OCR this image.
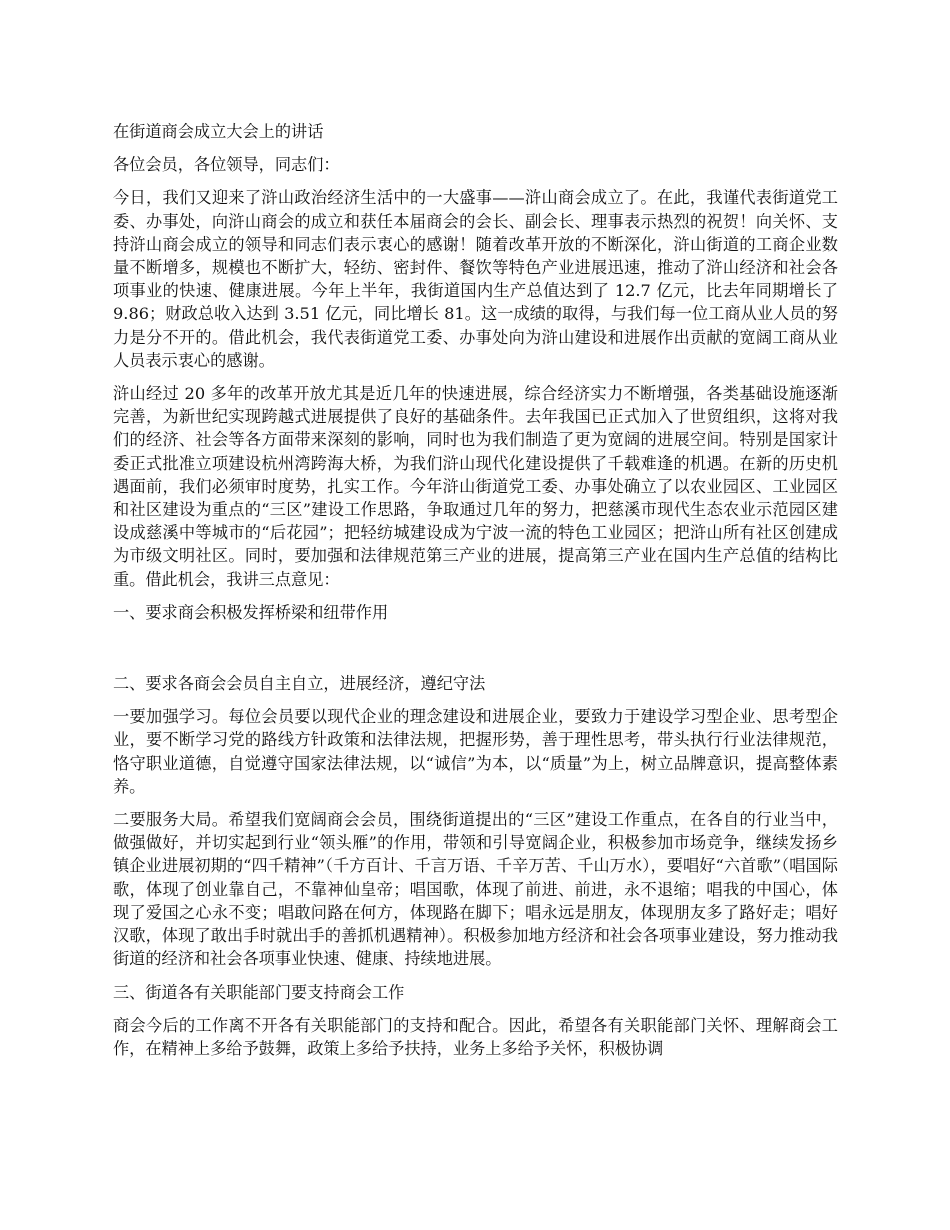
在街道商会成立大会上的讲话

各位会员，各位领导，同志们：

今日，我们又迎来了浒山政治经济生活中的一大盛事——浒山商会成立了。在此，我谨代表街道党工委、办事处，向浒山商会的成立和获任本届商会的会长、副会长、理事表示热烈的祝贺！向关怀、支持浒山商会成立的领导和同志们表示衷心的感谢！随着改革开放的不断深化，浒山街道的工商企业数量不断增多，规模也不断扩大，轻纺、密封件、餐饮等特色产业进展迅速，推动了浒山经济和社会各项事业的快速、健康进展。今年上半年，我街道国内生产总值达到了 12.7 亿元，比去年同期增长了 9.86；财政总收入达到 3.51 亿元，同比增长 81。这一成绩的取得，与我们每一位工商从业人员的努力是分不开的。借此机会，我代表街道党工委、办事处向为浒山建设和进展作出贡献的宽阔工商从业人员表示衷心的感谢。

浒山经过 20 多年的改革开放尤其是近几年的快速进展，综合经济实力不断增强，各类基础设施逐渐完善，为新世纪实现跨越式进展提供了良好的基础条件。去年我国已正式加入了世贸组织，这将对我们的经济、社会等各方面带来深刻的影响，同时也为我们制造了更为宽阔的进展空间。特别是国家计委正式批准立项建设杭州湾跨海大桥，为我们浒山现代化建设提供了千载难逢的机遇。在新的历史机遇面前，我们必须审时度势，扎实工作。今年浒山街道党工委、办事处确立了以农业园区、工业园区和社区建设为重点的“三区”建设工作思路，争取通过几年的努力，把慈溪市现代生态农业示范园区建设成慈溪中等城市的“后花园”；把轻纺城建设成为宁波一流的特色工业园区；把浒山所有社区创建成为市级文明社区。同时，要加强和法律规范第三产业的进展，提高第三产业在国内生产总值的结构比重。借此机会，我讲三点意见：

一、要求商会积极发挥桥梁和纽带作用

二、要求各商会会员自主自立，进展经济，遵纪守法

一要加强学习。每位会员要以现代企业的理念建设和进展企业，要致力于建设学习型企业、思考型企业，要不断学习党的路线方针政策和法律法规，把握形势，善于理性思考，带头执行行业法律规范，恪守职业道德，自觉遵守国家法律法规，以“诚信”为本，以“质量”为上，树立品牌意识，提高整体素养。

二要服务大局。希望我们宽阔商会会员，围绕街道提出的“三区”建设工作重点，在各自的行业当中，做强做好，并切实起到行业“领头雁”的作用，带领和引导宽阔企业，积极参加市场竞争，继续发扬乡镇企业进展初期的“四千精神”（千方百计、千言万语、千辛万苦、千山万水），要唱好“六首歌”（唱国际歌，体现了创业靠自己，不靠神仙皇帝；唱国歌，体现了前进、前进，永不退缩；唱我的中国心，体现了爱国之心永不变；唱敢问路在何方，体现路在脚下；唱永远是朋友，体现朋友多了路好走；唱好汉歌，体现了敢出手时就出手的善抓机遇精神）。积极参加地方经济和社会各项事业建设，努力推动我街道的经济和社会各项事业快速、健康、持续地进展。

三、街道各有关职能部门要支持商会工作

商会今后的工作离不开各有关职能部门的支持和配合。因此，希望各有关职能部门关怀、理解商会工作，在精神上多给予鼓舞，政策上多给予扶持，业务上多给予关怀，积极协调
